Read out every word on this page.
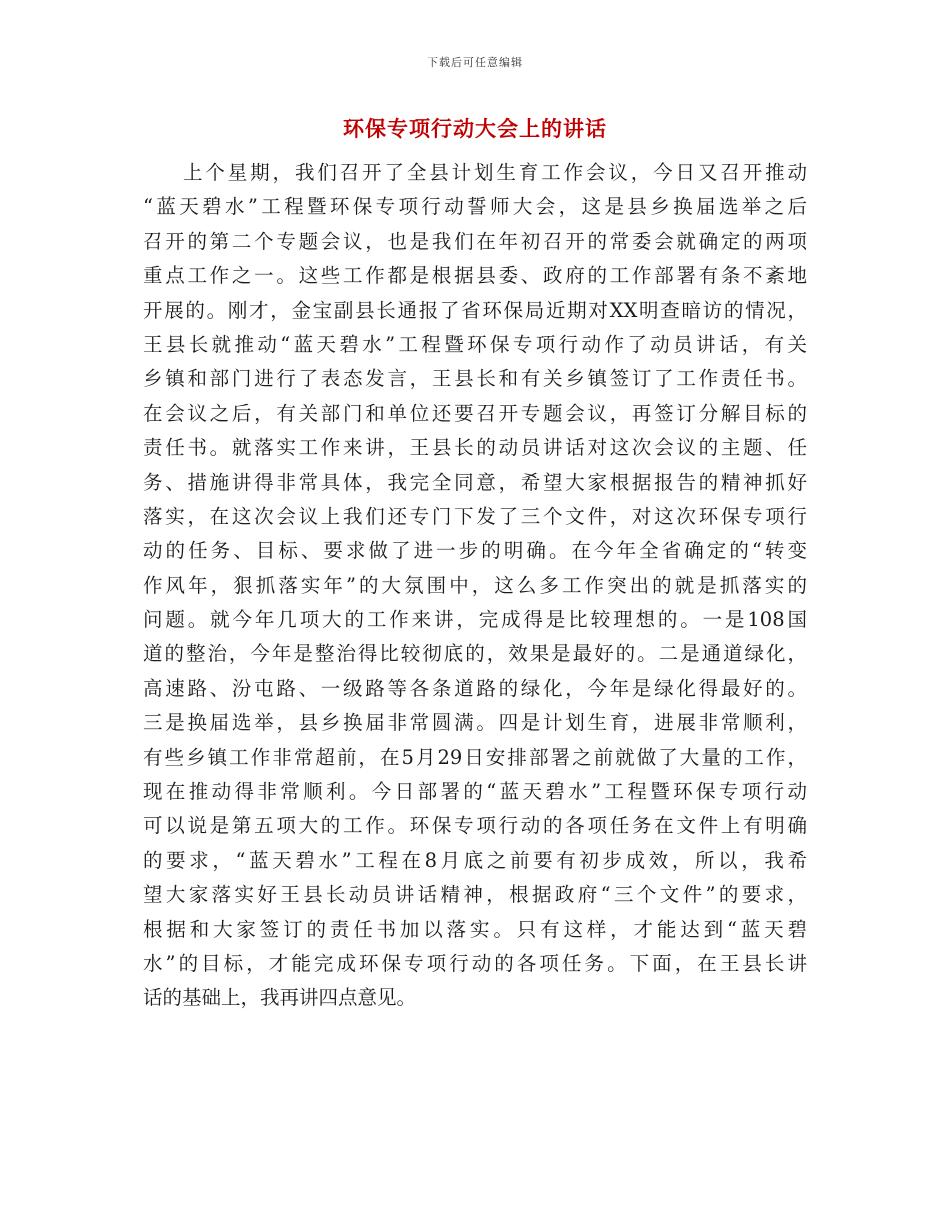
下载后可任意编辑
环保专项行动大会上的讲话
上个星期，我们召开了全县计划生育工作会议，今日又召开推动
“蓝天碧水”工程暨环保专项行动誓师大会，这是县乡换届选举之后
召开的第二个专题会议，也是我们在年初召开的常委会就确定的两项
重点工作之一。这些工作都是根据县委、政府的工作部署有条不紊地
开展的。刚才，金宝副县长通报了省环保局近期对XX明查暗访的情况，
王县长就推动“蓝天碧水”工程暨环保专项行动作了动员讲话，有关
乡镇和部门进行了表态发言，王县长和有关乡镇签订了工作责任书。
在会议之后，有关部门和单位还要召开专题会议，再签订分解目标的
责任书。就落实工作来讲，王县长的动员讲话对这次会议的主题、任
务、措施讲得非常具体，我完全同意，希望大家根据报告的精神抓好
落实，在这次会议上我们还专门下发了三个文件，对这次环保专项行
动的任务、目标、要求做了进一步的明确。在今年全省确定的“转变
作风年，狠抓落实年”的大氛围中，这么多工作突出的就是抓落实的
问题。就今年几项大的工作来讲，完成得是比较理想的。一是108国
道的整治，今年是整治得比较彻底的，效果是最好的。二是通道绿化，
高速路、汾屯路、一级路等各条道路的绿化，今年是绿化得最好的。
三是换届选举，县乡换届非常圆满。四是计划生育，进展非常顺利，
有些乡镇工作非常超前，在5月29日安排部署之前就做了大量的工作，
现在推动得非常顺利。今日部署的“蓝天碧水”工程暨环保专项行动
可以说是第五项大的工作。环保专项行动的各项任务在文件上有明确
的要求，“蓝天碧水”工程在8月底之前要有初步成效，所以，我希
望大家落实好王县长动员讲话精神，根据政府“三个文件”的要求，
根据和大家签订的责任书加以落实。只有这样，才能达到“蓝天碧
水”的目标，才能完成环保专项行动的各项任务。下面，在王县长讲
话的基础上，我再讲四点意见。
